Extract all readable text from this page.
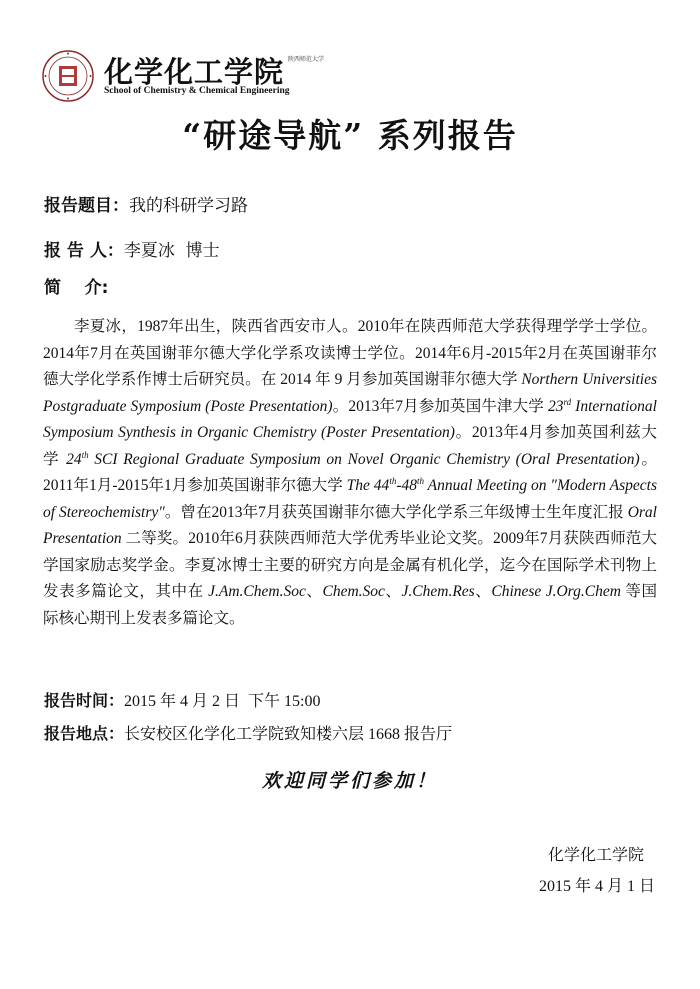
化学化工学院 陕西师范大学
School of Chemistry & Chemical Engineering
“研途导航” 系列报告
报告题目：我的科研学习路
报 告 人：李夏冰  博士
简    介:

李夏冰，1987年出生，陕西省西安市人。2010年在陕西师范大学获得理学学士学位。2014年7月在英国谢菲尔德大学化学系攻读博士学位。2014年6月-2015年2月在英国谢菲尔德大学化学系作博士后研究员。在 2014 年 9 月参加英国谢菲尔德大学 Northern Universities Postgraduate Symposium (Poste Presentation)。2013年7月参加英国牛津大学 23rd International Symposium Synthesis in Organic Chemistry (Poster Presentation)。2013年4月参加英国利兹大学 24th SCI Regional Graduate Symposium on Novel Organic Chemistry (Oral Presentation)。2011年1月-2015年1月参加英国谢菲尔德大学 The 44th-48th Annual Meeting on "Modern Aspects of Stereochemistry"。曾在2013年7月获英国谢菲尔德大学化学系三年级博士生年度汇报 Oral Presentation 二等奖。2010年6月获陕西师范大学优秀毕业论文奖。2009年7月获陕西师范大学国家励志奖学金。李夏冰博士主要的研究方向是金属有机化学，迄今在国际学术刊物上发表多篇论文，其中在 J.Am.Chem.Soc、Chem.Soc、J.Chem.Res、Chinese J.Org.Chem 等国际核心期刊上发表多篇论文。

报告时间：2015 年 4 月 2 日  下午 15:00
报告地点：长安校区化学化工学院致知楼六层 1668 报告厅
欢迎同学们参加！
化学化工学院
2015 年 4 月 1 日
